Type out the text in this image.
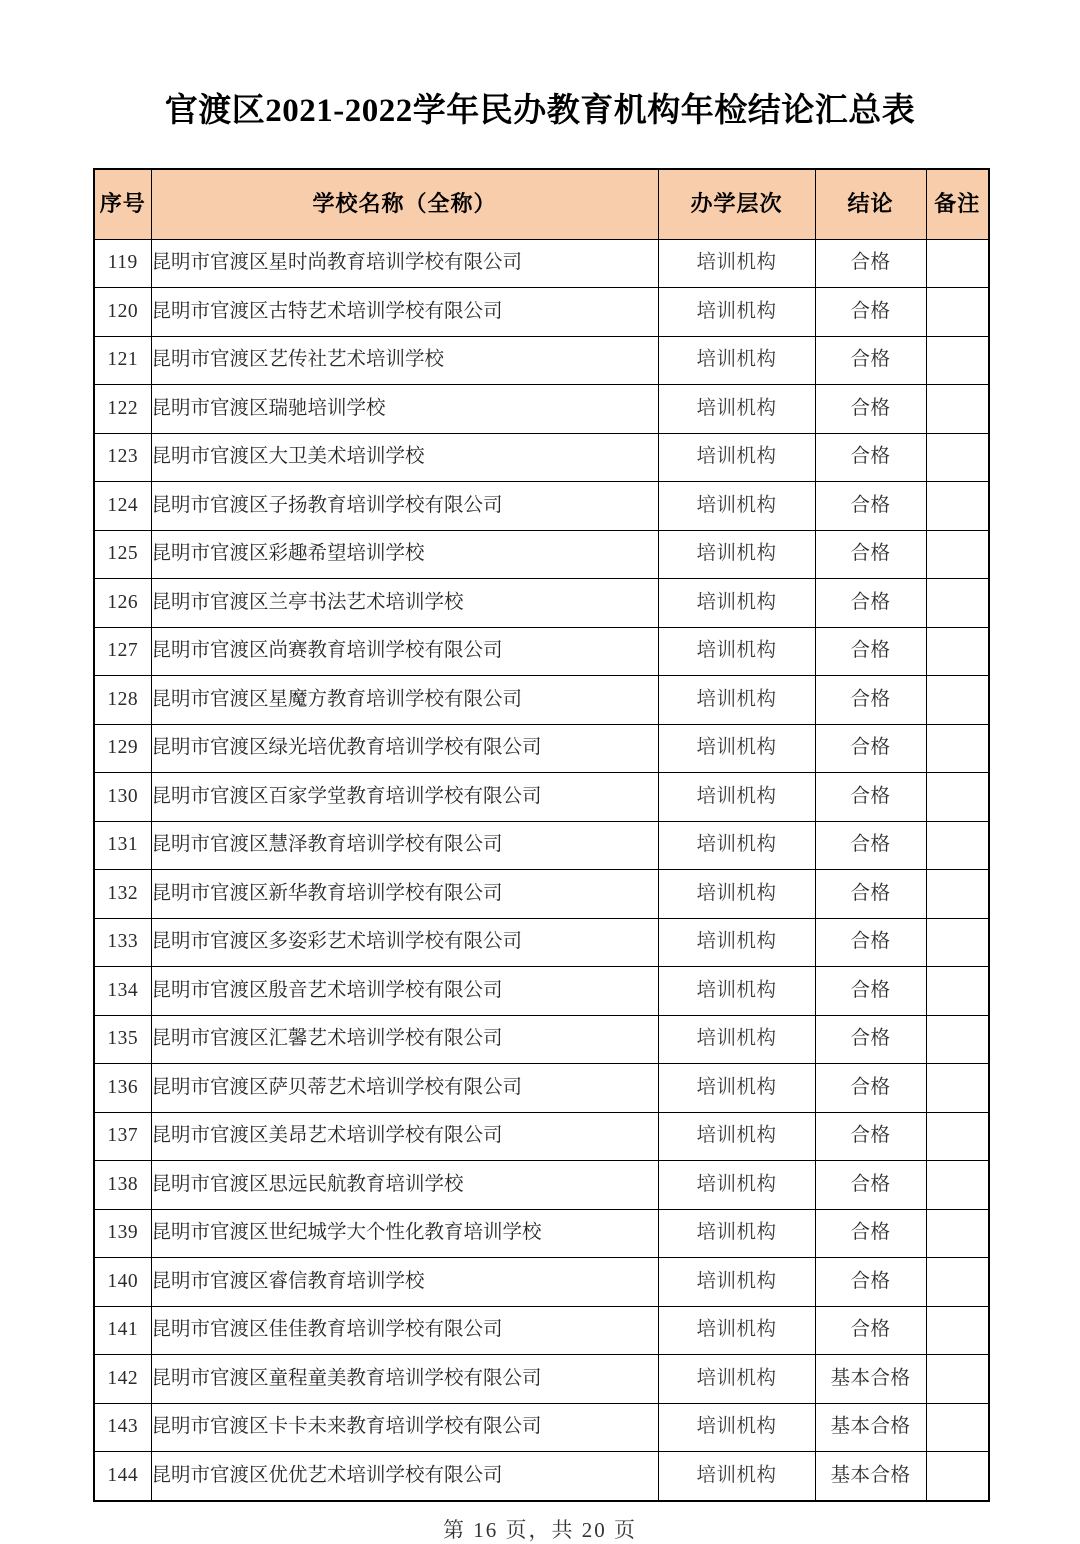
官渡区2021-2022学年民办教育机构年检结论汇总表
序号	学校名称（全称）	办学层次	结论	备注
119	昆明市官渡区星时尚教育培训学校有限公司	培训机构	合格	
120	昆明市官渡区古特艺术培训学校有限公司	培训机构	合格	
121	昆明市官渡区艺传社艺术培训学校	培训机构	合格	
122	昆明市官渡区瑞驰培训学校	培训机构	合格	
123	昆明市官渡区大卫美术培训学校	培训机构	合格	
124	昆明市官渡区子扬教育培训学校有限公司	培训机构	合格	
125	昆明市官渡区彩趣希望培训学校	培训机构	合格	
126	昆明市官渡区兰亭书法艺术培训学校	培训机构	合格	
127	昆明市官渡区尚赛教育培训学校有限公司	培训机构	合格	
128	昆明市官渡区星魔方教育培训学校有限公司	培训机构	合格	
129	昆明市官渡区绿光培优教育培训学校有限公司	培训机构	合格	
130	昆明市官渡区百家学堂教育培训学校有限公司	培训机构	合格	
131	昆明市官渡区慧泽教育培训学校有限公司	培训机构	合格	
132	昆明市官渡区新华教育培训学校有限公司	培训机构	合格	
133	昆明市官渡区多姿彩艺术培训学校有限公司	培训机构	合格	
134	昆明市官渡区殷音艺术培训学校有限公司	培训机构	合格	
135	昆明市官渡区汇馨艺术培训学校有限公司	培训机构	合格	
136	昆明市官渡区萨贝蒂艺术培训学校有限公司	培训机构	合格	
137	昆明市官渡区美昂艺术培训学校有限公司	培训机构	合格	
138	昆明市官渡区思远民航教育培训学校	培训机构	合格	
139	昆明市官渡区世纪城学大个性化教育培训学校	培训机构	合格	
140	昆明市官渡区睿信教育培训学校	培训机构	合格	
141	昆明市官渡区佳佳教育培训学校有限公司	培训机构	合格	
142	昆明市官渡区童程童美教育培训学校有限公司	培训机构	基本合格	
143	昆明市官渡区卡卡未来教育培训学校有限公司	培训机构	基本合格	
144	昆明市官渡区优优艺术培训学校有限公司	培训机构	基本合格	
第 16 页，共 20 页
